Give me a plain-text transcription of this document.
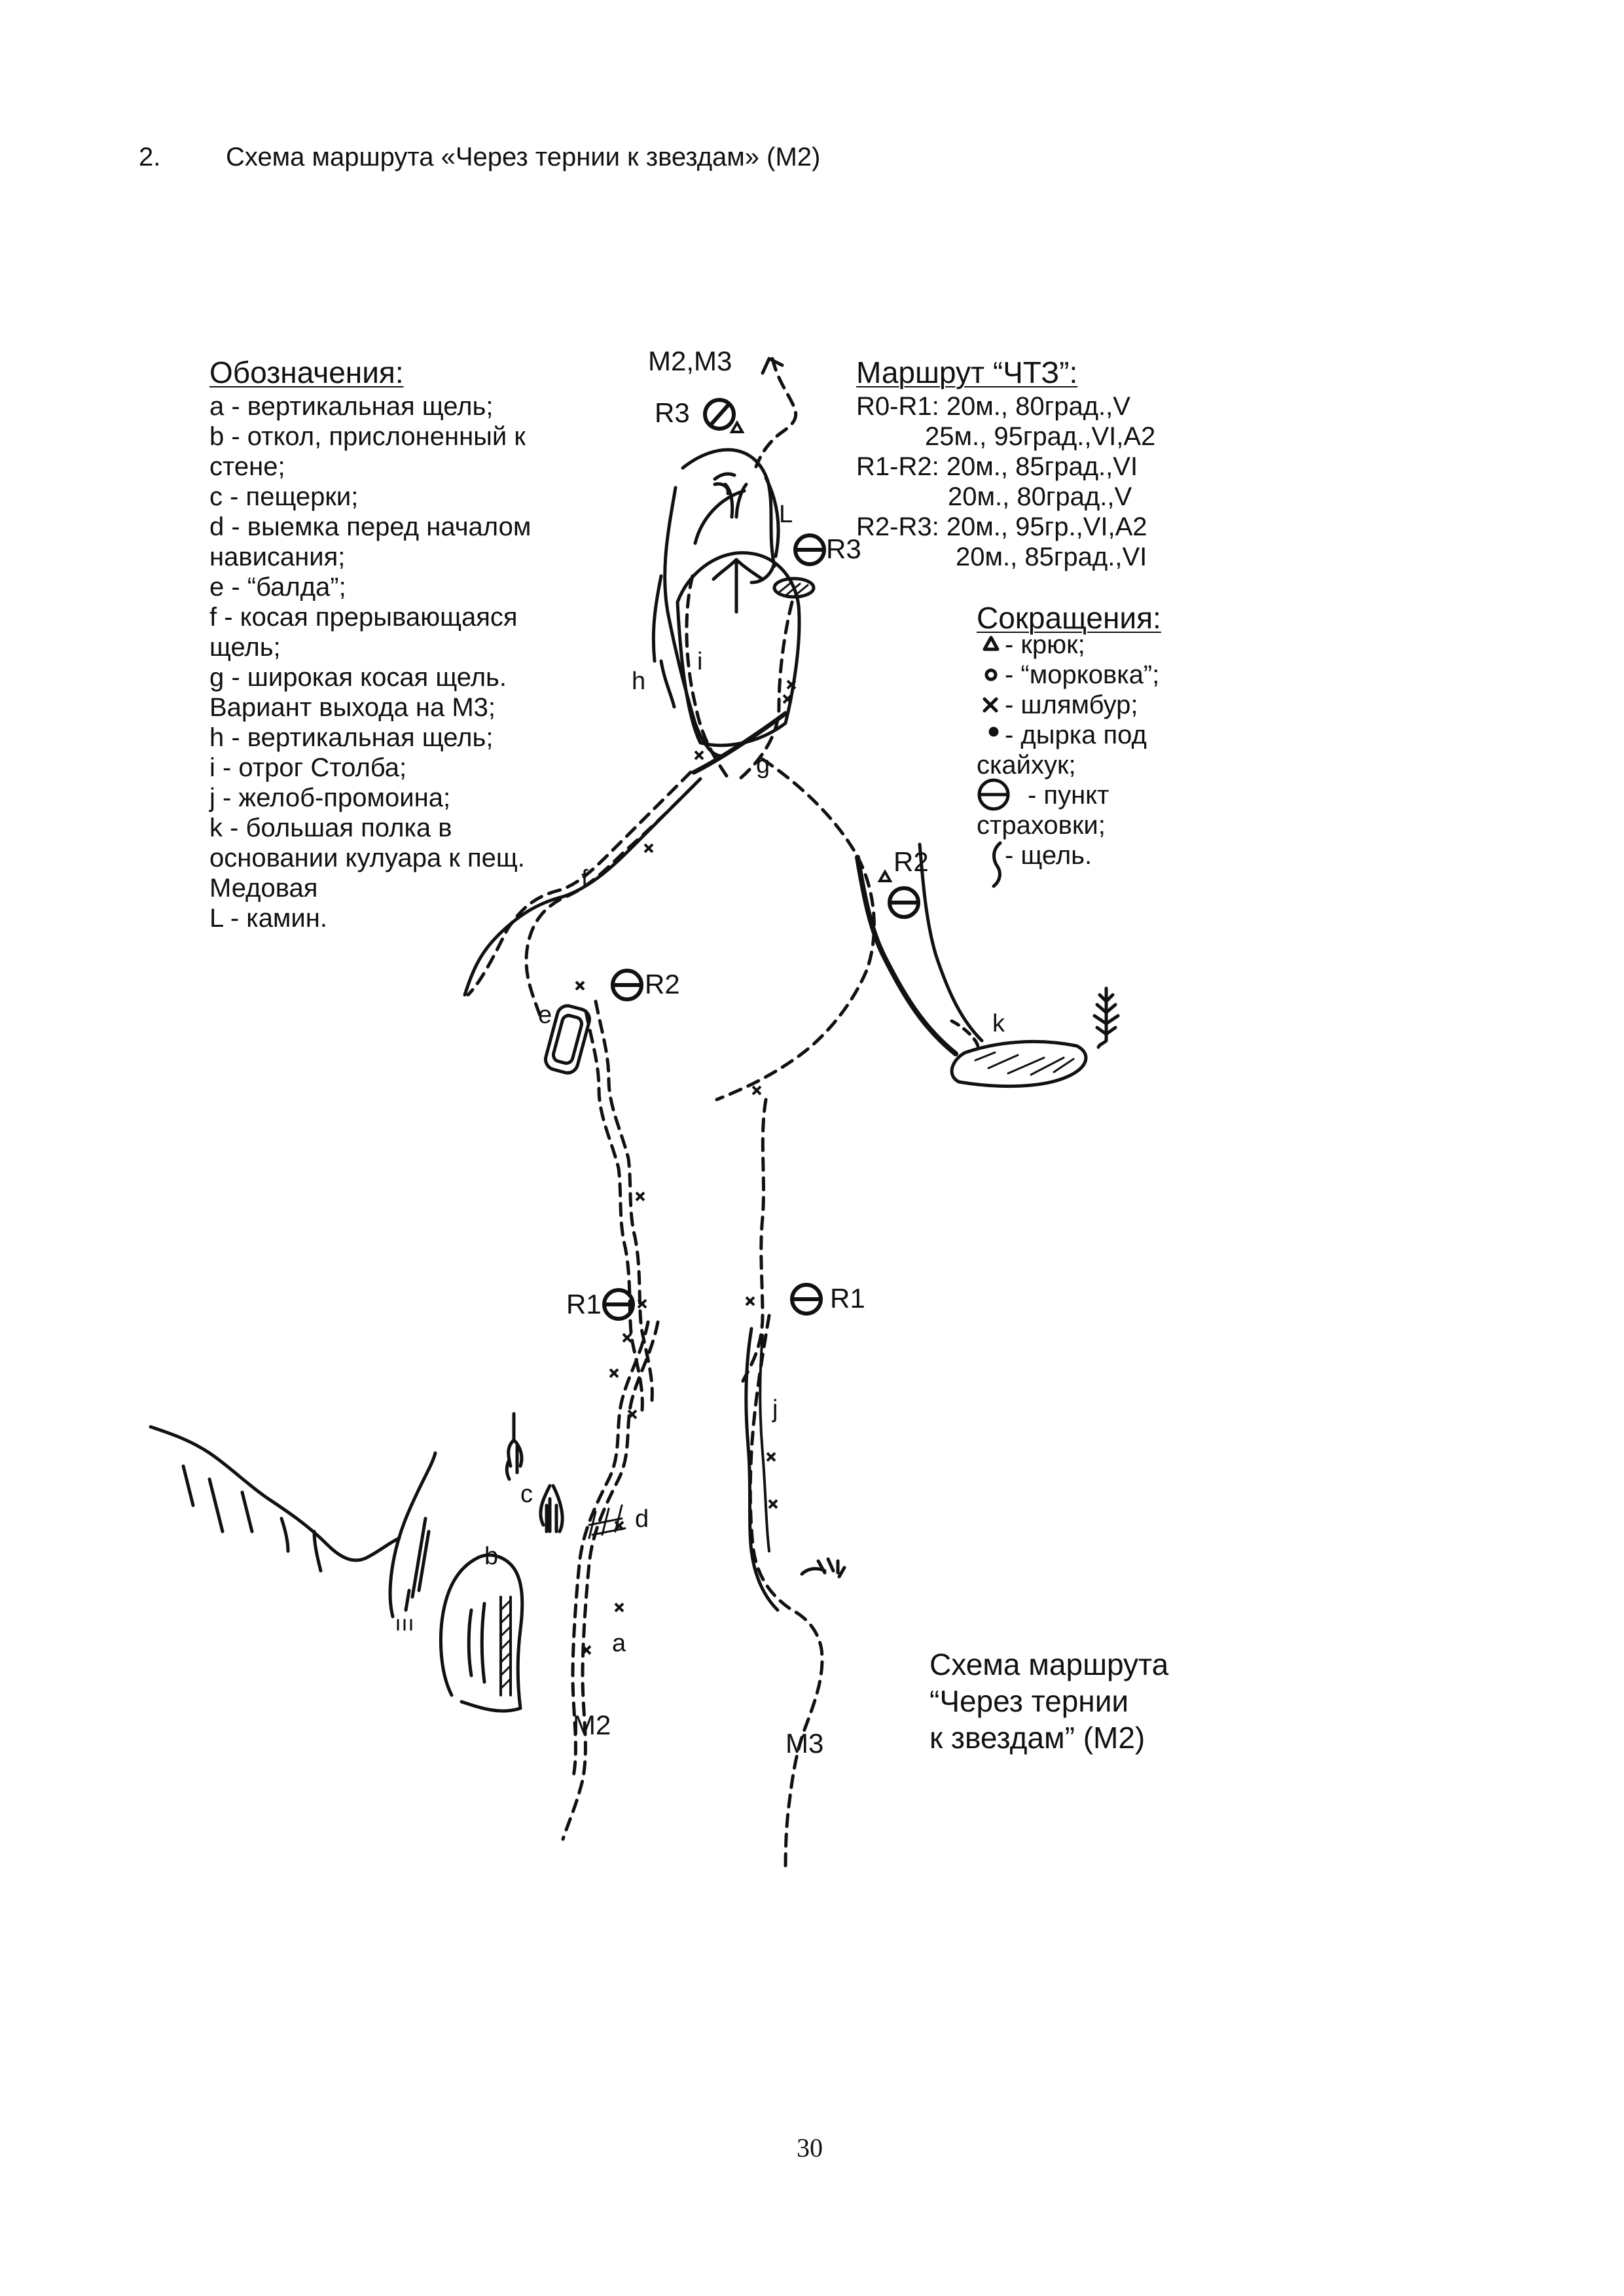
2. Схема маршрута «Через тернии к звездам» (М2)
Обозначения:
a - вертикальная щель;
b - откол, прислоненный к
стене;
c - пещерки;
d - выемка перед началом
нависания;
e - “балда”;
f - косая прерывающаяся
щель;
g - широкая косая щель.
Вариант выхода на М3;
h - вертикальная щель;
i - отрог Столба;
j - желоб-промоина;
k - большая полка в
основании кулуара к пещ.
Медовая
L - камин.
Маршрут “ЧТЗ”:
R0-R1: 20м., 80град.,V
25м., 95град.,VI,A2
R1-R2: 20м., 85град.,VI
20м., 80град.,V
R2-R3: 20м., 95гр.,VI,A2
20м., 85град.,VI
Сокращения:
- крюк;
- “морковка”;
- шлямбур;
- дырка под
скайхук;
- пункт
страховки;
- щель.
М2,М3
R3
R3
R2
R2
R1	R1
L
h
i
g
f
e	k
j
c
d
b
a
М2
М3
Схема маршрута
“Через тернии
к звездам” (М2)
30
